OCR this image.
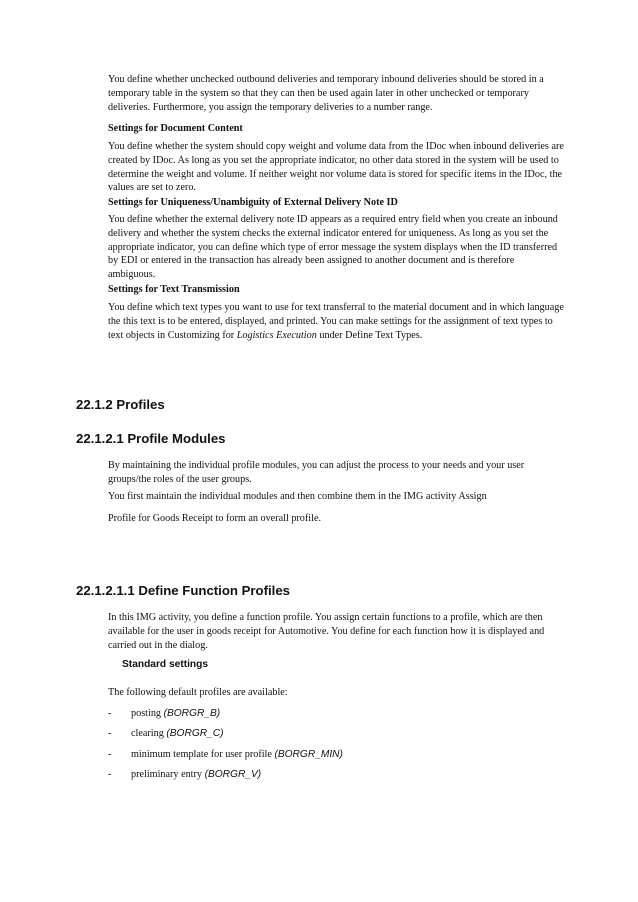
You define whether unchecked outbound deliveries and temporary inbound deliveries should be stored in a temporary table in the system so that they can then be used again later in other unchecked or temporary deliveries. Furthermore, you assign the temporary deliveries to a number range.

Settings for Document Content

You define whether the system should copy weight and volume data from the IDoc when inbound deliveries are created by IDoc. As long as you set the appropriate indicator, no other data stored in the system will be used to determine the weight and volume. If neither weight nor volume data is stored for specific items in the IDoc, the values are set to zero.

Settings for Uniqueness/Unambiguity of External Delivery Note ID

You define whether the external delivery note ID appears as a required entry field when you create an inbound delivery and whether the system checks the external indicator entered for uniqueness. As long as you set the appropriate indicator, you can define which type of error message the system displays when the ID transferred by EDI or entered in the transaction has already been assigned to another document and is therefore ambiguous.

Settings for Text Transmission

You define which text types you want to use for text transferral to the material document and in which language the this text is to be entered, displayed, and printed. You can make settings for the assignment of text types to text objects in Customizing for Logistics Execution under Define Text Types.

22.1.2 Profiles
22.1.2.1 Profile Modules

By maintaining the individual profile modules, you can adjust the process to your needs and your user groups/the roles of the user groups.

You first maintain the individual modules and then combine them in the IMG activity Assign

Profile for Goods Receipt to form an overall profile.

22.1.2.1.1 Define Function Profiles

In this IMG activity, you define a function profile. You assign certain functions to a profile, which are then available for the user in goods receipt for Automotive. You define for each function how it is displayed and carried out in the dialog.

Standard settings

The following default profiles are available:

- posting (BORGR_B)
- clearing (BORGR_C)
- minimum template for user profile (BORGR_MIN)
- preliminary entry (BORGR_V)
